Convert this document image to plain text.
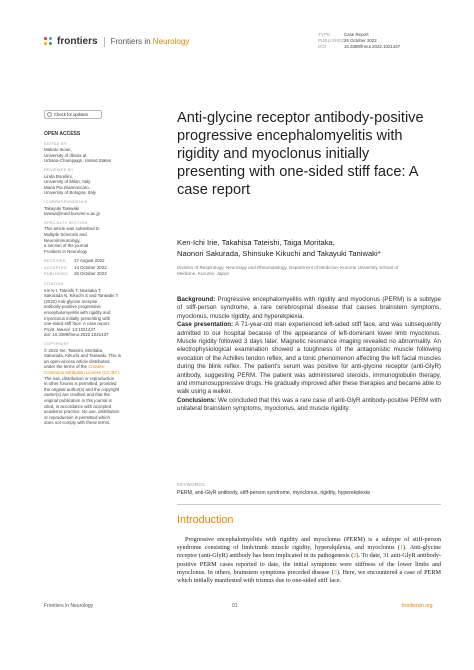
frontiers Frontiers in Neurology
TYPE	Case Report
PUBLISHED26 October 2022
DOI	10.3389/fneur.2022.1021437
Check for updates
OPEN ACCESS
EDITED BY
Makoto Inoue,
University of Illinois at
Urbana-Champaign, United States
REVIEWED BY
Linda Borellini,
University of Milan, Italy
Maria Pia Giannoccaro,
University of Bologna, Italy
*CORRESPONDENCE
Takayuki Taniwaki
taniwa@med.kurume-u.ac.jp
SPECIALTY SECTION
This article was submitted to
Multiple Sclerosis and
Neuroimmunology,
a section of the journal
Frontiers in Neurology
RECEIVED 17 August 2022
ACCEPTED 14 October 2022
PUBLISHED 26 October 2022
CITATION
Irie K-I, Tateishi T, Moritaka T,
Sakurada N, Kikuchi S and Taniwaki T
(2022) Anti-glycine receptor
antibody-positive progressive
encephalomyelitis with rigidity and
myoclonus initially presenting with
one-sided stiff face: A case report.
Front. Neurol. 13:1021437.
doi: 10.3389/fneur.2022.1021437
COPYRIGHT
© 2022 Irie, Tateishi, Moritaka,
Sakurada, Kikuchi and Taniwaki. This is
an open-access article distributed
under the terms of the Creative
Commons Attribution License (CC BY).
The use, distribution or reproduction
in other forums is permitted, provided
the original author(s) and the copyright
owner(s) are credited and that the
original publication in this journal is
cited, in accordance with accepted
academic practice. No use, distribution
or reproduction is permitted which
does not comply with these terms.
Anti-glycine receptor antibody-positive progressive encephalomyelitis with rigidity and myoclonus initially presenting with one-sided stiff face: A case report
Ken-Ichi Irie, Takahisa Tateishi, Taiga Moritaka,
Naonori Sakurada, Shinsuke Kikuchi and Takayuki Taniwaki*
Division of Respirology, Neurology and Rheumatology, Department of Medicine, Kurume University School of Medicine, Kurume, Japan

Background: Progressive encephalomyelitis with rigidity and myoclonus (PERM) is a subtype of stiff-person syndrome, a rare cerebrospinal disease that causes brainstem symptoms, myoclonus, muscle rigidity, and hyperekplexia.

Case presentation: A 71-year-old man experienced left-sided stiff face, and was subsequently admitted to our hospital because of the appearance of left-dominant lower limb myoclonus. Muscle rigidity followed 3 days later. Magnetic resonance imaging revealed no abnormality. An electrophysiological examination showed a toughness of the antagonistic muscle following evocation of the Achilles tendon reflex, and a tonic phenomenon affecting the left facial muscles during the blink reflex. The patient's serum was positive for anti-glycine receptor (anti-GlyR) antibody, suggesting PERM. The patient was administered steroids, immunoglobulin therapy, and immunosuppressive drugs. He gradually improved after these therapies and became able to walk using a walker.

Conclusions: We concluded that this was a rare case of anti-GlyR antibody-positive PERM with unilateral brainstem symptoms, myoclonus, and muscle rigidity.

KEYWORDS
PERM, anti-GlyR antibody, stiff-person syndrome, myoclonus, rigidity, hyperekplexia
Introduction

Progressive encephalomyelitis with rigidity and myoclonus (PERM) is a subtype of stiff-person syndrome consisting of limb/trunk muscle rigidity, hyperekplexia, and myoclonus (1). Anti-glycine receptor (anti-GlyR) antibody has been implicated in its pathogenesis (2). To date, 31 anti-GlyR antibody-positive PERM cases reported to date, the initial symptoms were stiffness of the lower limbs and myoclonus. In others, brainstem symptoms preceded disease (3). Here, we encountered a case of PERM which initially manifested with trismus due to one-sided stiff face.

Frontiers in Neurology	01	frontiersin.org
